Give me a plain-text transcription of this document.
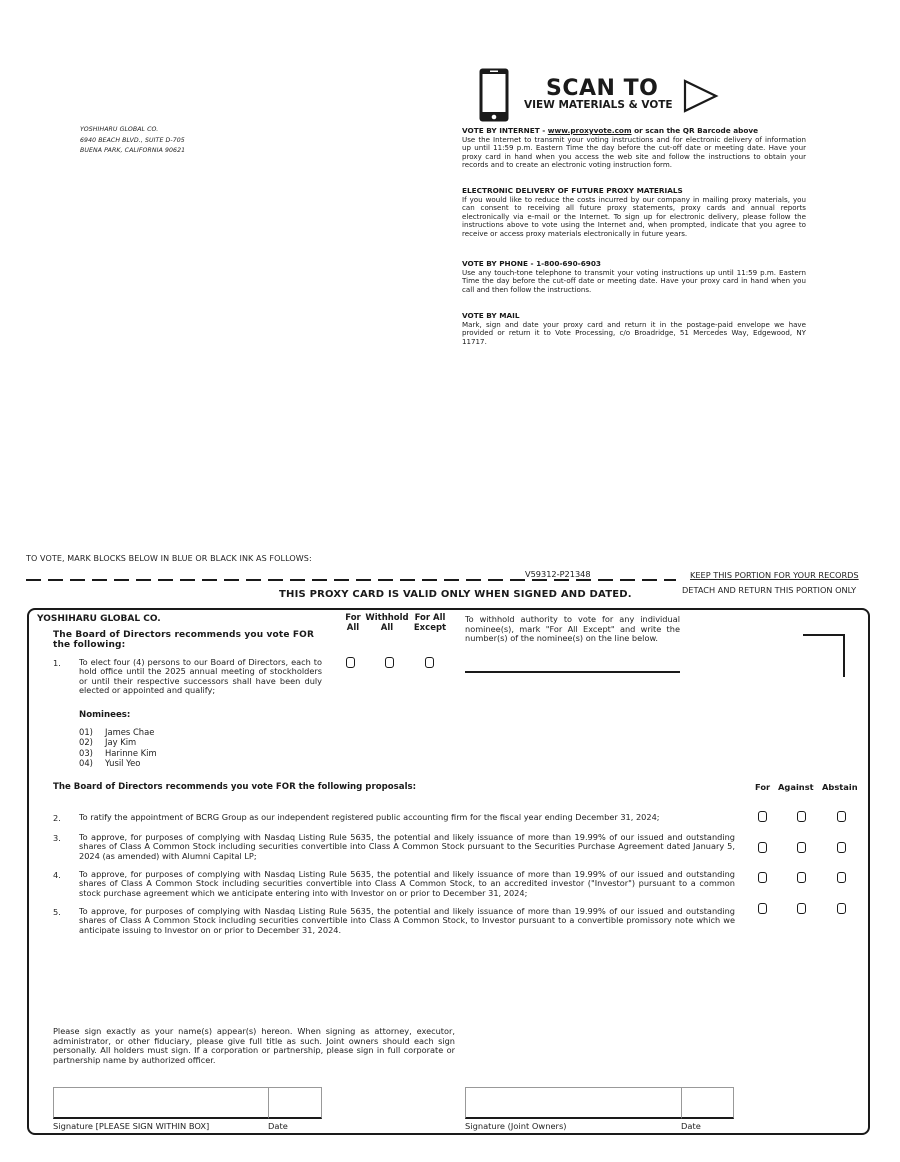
YOSHIHARU GLOBAL CO.
6940 BEACH BLVD., SUITE D-705
BUENA PARK, CALIFORNIA 90621
SCAN TO
VIEW MATERIALS & VOTE

VOTE BY INTERNET - www.proxyvote.com or scan the QR Barcode above

Use the Internet to transmit your voting instructions and for electronic delivery of information up until 11:59 p.m. Eastern Time the day before the cut-off date or meeting date. Have your proxy card in hand when you access the web site and follow the instructions to obtain your records and to create an electronic voting instruction form.

ELECTRONIC DELIVERY OF FUTURE PROXY MATERIALS

If you would like to reduce the costs incurred by our company in mailing proxy materials, you can consent to receiving all future proxy statements, proxy cards and annual reports electronically via e-mail or the Internet. To sign up for electronic delivery, please follow the instructions above to vote using the Internet and, when prompted, indicate that you agree to receive or access proxy materials electronically in future years.

VOTE BY PHONE - 1-800-690-6903

Use any touch-tone telephone to transmit your voting instructions up until 11:59 p.m. Eastern Time the day before the cut-off date or meeting date. Have your proxy card in hand when you call and then follow the instructions.

VOTE BY MAIL

Mark, sign and date your proxy card and return it in the postage-paid envelope we have provided or return it to Vote Processing, c/o Broadridge, 51 Mercedes Way, Edgewood, NY 11717.

TO VOTE, MARK BLOCKS BELOW IN BLUE OR BLACK INK AS FOLLOWS:
V59312-P21348	KEEP THIS PORTION FOR YOUR RECORDS
DETACH AND RETURN THIS PORTION ONLY
THIS PROXY CARD IS VALID ONLY WHEN SIGNED AND DATED.
YOSHIHARU GLOBAL CO.
The Board of Directors recommends you vote FOR the following:
For
All
Withhold
All
For All
Except
1. To elect four (4) persons to our Board of Directors, each to hold office until the 2025 annual meeting of stockholders or until their respective successors shall have been duly elected or appointed and qualify;
To withhold authority to vote for any individual nominee(s), mark "For All Except" and write the number(s) of the nominee(s) on the line below.
Nominees:
01) James Chae
02) Jay Kim
03) Harinne Kim
04) Yusil Yeo
The Board of Directors recommends you vote FOR the following proposals:	For Against Abstain
2. To ratify the appointment of BCRG Group as our independent registered public accounting firm for the fiscal year ending December 31, 2024;
3. To approve, for purposes of complying with Nasdaq Listing Rule 5635, the potential and likely issuance of more than 19.99% of our issued and outstanding shares of Class A Common Stock including securities convertible into Class A Common Stock pursuant to the Securities Purchase Agreement dated January 5, 2024 (as amended) with Alumni Capital LP;
4. To approve, for purposes of complying with Nasdaq Listing Rule 5635, the potential and likely issuance of more than 19.99% of our issued and outstanding shares of Class A Common Stock including securities convertible into Class A Common Stock, to an accredited investor ("Investor") pursuant to a common stock purchase agreement which we anticipate entering into with Investor on or prior to December 31, 2024;
5. To approve, for purposes of complying with Nasdaq Listing Rule 5635, the potential and likely issuance of more than 19.99% of our issued and outstanding shares of Class A Common Stock including securities convertible into Class A Common Stock, to Investor pursuant to a convertible promissory note which we anticipate issuing to Investor on or prior to December 31, 2024.
Please sign exactly as your name(s) appear(s) hereon. When signing as attorney, executor, administrator, or other fiduciary, please give full title as such. Joint owners should each sign personally. All holders must sign. If a corporation or partnership, please sign in full corporate or partnership name by authorized officer.
Signature [PLEASE SIGN WITHIN BOX]	Date	Signature (Joint Owners)	Date
